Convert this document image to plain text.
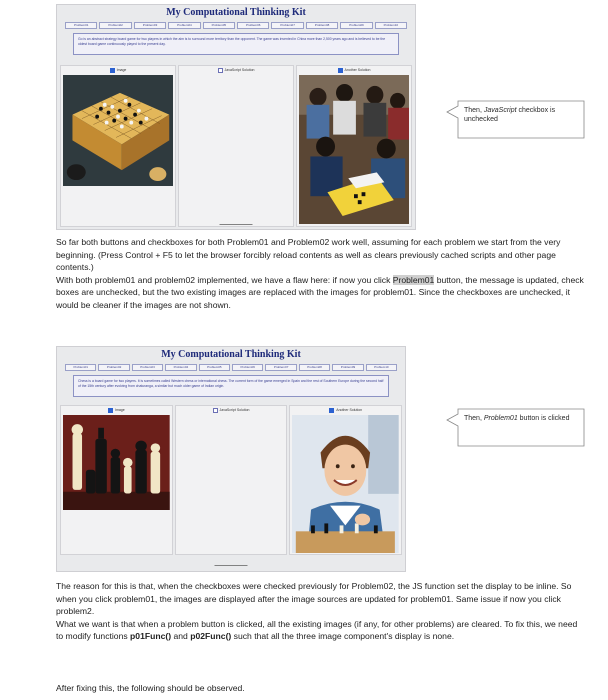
My Computational Thinking Kit
Problem01	Problem02	Problem03	Problem04	Problem05	Problem06	Problem07	Problem08	Problem09	Problem10
Go is an abstract strategy board game for two players in which the aim is to surround more territory than the opponent. The game was invented in China more than 2,500 years ago and is believed to be the oldest board game continuously played to the present day.
Image	JavaScript Solution	Another Solution
▬▬▬▬▬▬▬▬▬▬▬
Then, JavaScript checkbox is unchecked

So far both buttons and checkboxes for both Problem01 and Problem02 work well, assuming for each problem we start from the very beginning. (Press Control + F5 to let the browser forcibly reload contents as well as clears previously cached scripts and other page contents.)

With both problem01 and problem02 implemented, we have a flaw here: if now you click Problem01 button, the message is updated, check boxes are unchecked, but the two existing images are replaced with the images for problem01. Since the checkboxes are unchecked, it would be cleaner if the images are not shown.

My Computational Thinking Kit
Problem01	Problem02	Problem03	Problem04	Problem05	Problem06	Problem07	Problem08	Problem09	Problem10
Chess is a board game for two players. It is sometimes called Western chess or international chess. The current form of the game emerged in Spain and the rest of Southern Europe during the second half of the 15th century after evolving from chaturanga, a similar but much older game of Indian origin.
Image	JavaScript Solution	Another Solution
▬▬▬▬▬▬▬▬▬▬▬
Then, Problem01 button is clicked

The reason for this is that, when the checkboxes were checked previously for Problem02, the JS function set the display to be inline. So when you click problem01, the images are displayed after the image sources are updated for problem01. Same issue if now you click problem2.

What we want is that when a problem button is clicked, all the existing images (if any, for other problems) are cleared. To fix this, we need to modify functions p01Func() and p02Func() such that all the three image component's display is none.

After fixing this, the following should be observed.
